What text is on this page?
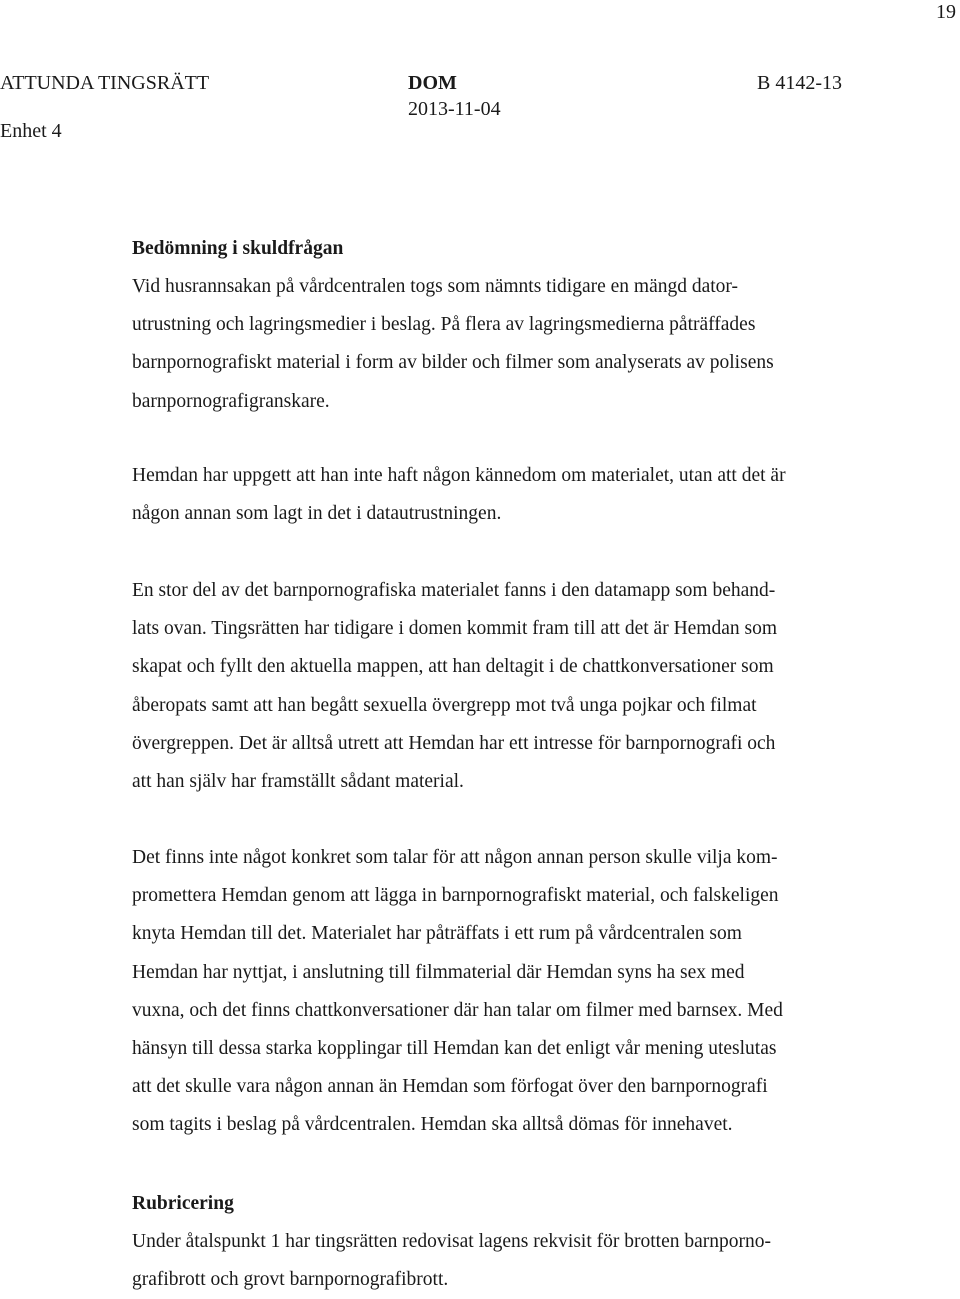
19
ATTUNDA TINGSRÄTT
Enhet 4
DOM
2013-11-04
B 4142-13
Bedömning i skuldfrågan
Vid husrannsakan på vårdcentralen togs som nämnts tidigare en mängd dator-
utrustning och lagringsmedier i beslag. På flera av lagringsmedierna påträffades
barnpornografiskt material i form av bilder och filmer som analyserats av polisens
barnpornografigranskare.
Hemdan har uppgett att han inte haft någon kännedom om materialet, utan att det är
någon annan som lagt in det i datautrustningen.
En stor del av det barnpornografiska materialet fanns i den datamapp som behand-
lats ovan. Tingsrätten har tidigare i domen kommit fram till att det är Hemdan som
skapat och fyllt den aktuella mappen, att han deltagit i de chattkonversationer som
åberopats samt att han begått sexuella övergrepp mot två unga pojkar och filmat
övergreppen. Det är alltså utrett att Hemdan har ett intresse för barnpornografi och
att han själv har framställt sådant material.
Det finns inte något konkret som talar för att någon annan person skulle vilja kom-
promettera Hemdan genom att lägga in barnpornografiskt material, och falskeligen
knyta Hemdan till det. Materialet har påträffats i ett rum på vårdcentralen som
Hemdan har nyttjat, i anslutning till filmmaterial där Hemdan syns ha sex med
vuxna, och det finns chattkonversationer där han talar om filmer med barnsex. Med
hänsyn till dessa starka kopplingar till Hemdan kan det enligt vår mening uteslutas
att det skulle vara någon annan än Hemdan som förfogat över den barnpornografi
som tagits i beslag på vårdcentralen. Hemdan ska alltså dömas för innehavet.
Rubricering
Under åtalspunkt 1 har tingsrätten redovisat lagens rekvisit för brotten barnporno-
grafibrott och grovt barnpornografibrott.
